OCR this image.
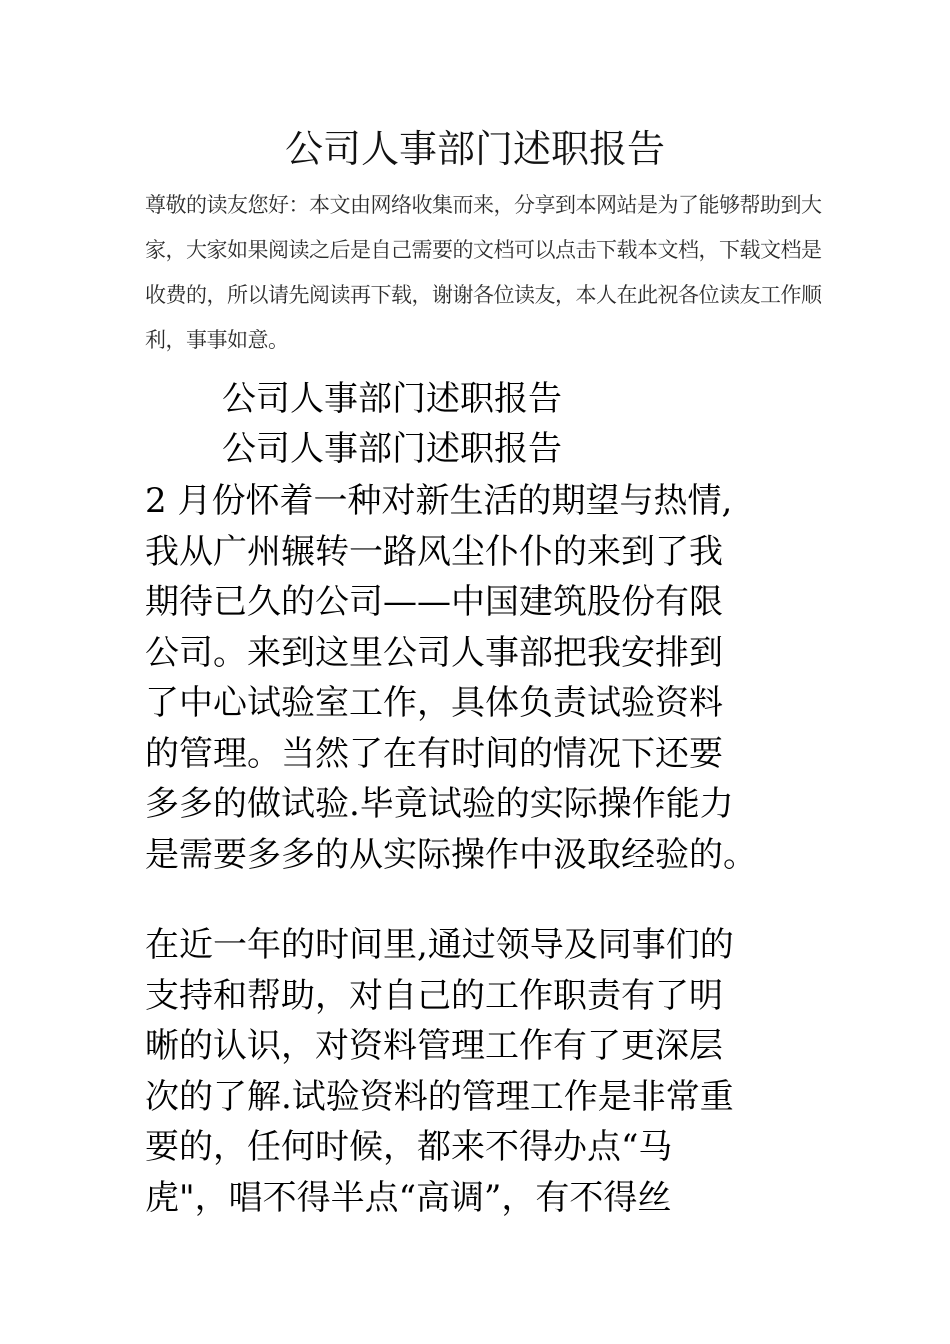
公司人事部门述职报告

尊敬的读友您好：本文由网络收集而来，分享到本网站是为了能够帮助到大
家，大家如果阅读之后是自己需要的文档可以点击下载本文档，下载文档是
收费的，所以请先阅读再下载，谢谢各位读友，本人在此祝各位读友工作顺
利，事事如意。

公司人事部门述职报告
公司人事部门述职报告

2 月份怀着一种对新生活的期望与热情,
我从广州辗转一路风尘仆仆的来到了我
期待已久的公司——中国建筑股份有限
公司。来到这里公司人事部把我安排到
了中心试验室工作，具体负责试验资料
的管理。当然了在有时间的情况下还要
多多的做试验.毕竟试验的实际操作能力
是需要多多的从实际操作中汲取经验的。

在近一年的时间里,通过领导及同事们的
支持和帮助，对自己的工作职责有了明
晰的认识，对资料管理工作有了更深层
次的了解.试验资料的管理工作是非常重
要的，任何时候，都来不得办点“马
虎"，唱不得半点“高调”，有不得丝
